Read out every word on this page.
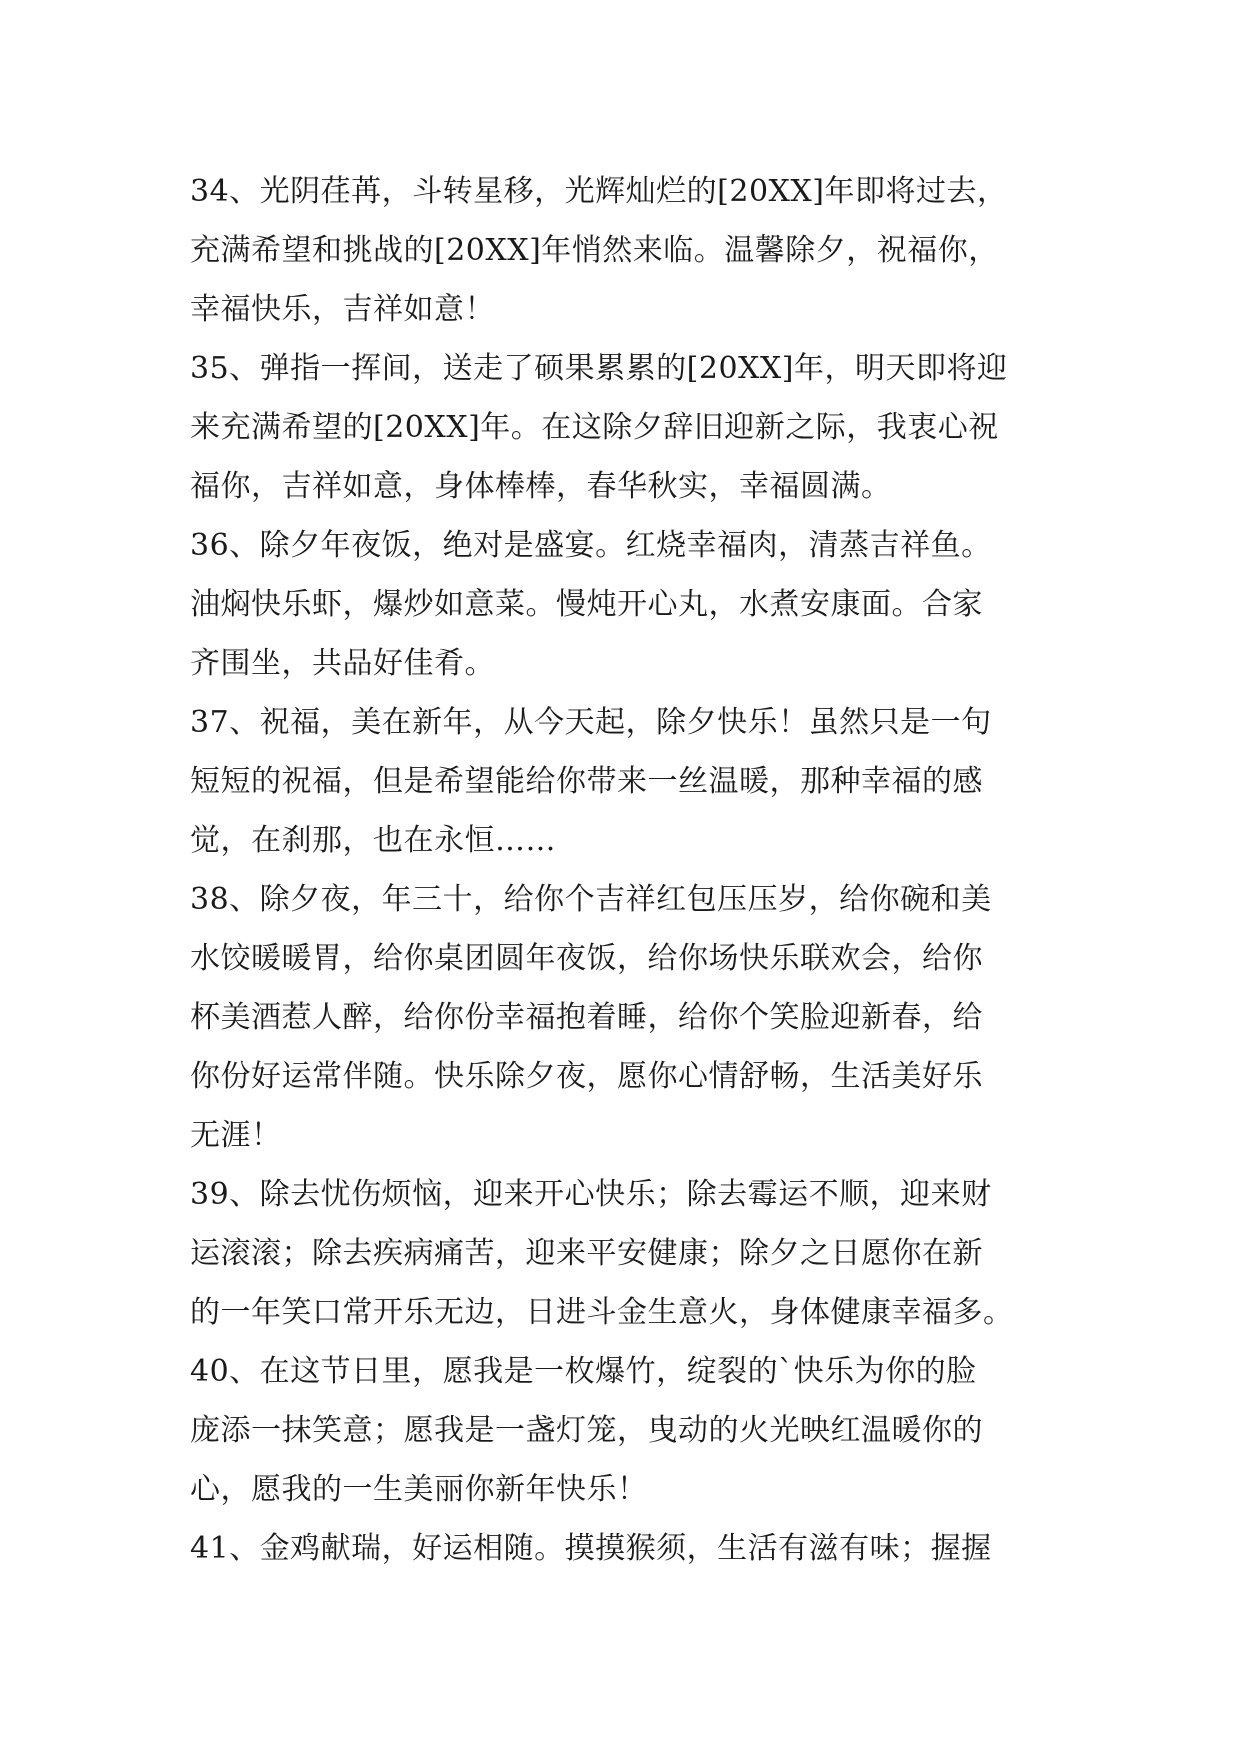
34、光阴荏苒，斗转星移，光辉灿烂的[20XX]年即将过去，
充满希望和挑战的[20XX]年悄然来临。温馨除夕，祝福你，
幸福快乐，吉祥如意！
35、弹指一挥间，送走了硕果累累的[20XX]年，明天即将迎
来充满希望的[20XX]年。在这除夕辞旧迎新之际，我衷心祝
福你，吉祥如意，身体棒棒，春华秋实，幸福圆满。
36、除夕年夜饭，绝对是盛宴。红烧幸福肉，清蒸吉祥鱼。
油焖快乐虾，爆炒如意菜。慢炖开心丸，水煮安康面。合家
齐围坐，共品好佳肴。
37、祝福，美在新年，从今天起，除夕快乐！虽然只是一句
短短的祝福，但是希望能给你带来一丝温暖，那种幸福的感
觉，在刹那，也在永恒……
38、除夕夜，年三十，给你个吉祥红包压压岁，给你碗和美
水饺暖暖胃，给你桌团圆年夜饭，给你场快乐联欢会，给你
杯美酒惹人醉，给你份幸福抱着睡，给你个笑脸迎新春，给
你份好运常伴随。快乐除夕夜，愿你心情舒畅，生活美好乐
无涯！
39、除去忧伤烦恼，迎来开心快乐；除去霉运不顺，迎来财
运滚滚；除去疾病痛苦，迎来平安健康；除夕之日愿你在新
的一年笑口常开乐无边，日进斗金生意火，身体健康幸福多。
40、在这节日里，愿我是一枚爆竹，绽裂的`快乐为你的脸
庞添一抹笑意；愿我是一盏灯笼，曳动的火光映红温暖你的
心，愿我的一生美丽你新年快乐！
41、金鸡献瑞，好运相随。摸摸猴须，生活有滋有味；握握
